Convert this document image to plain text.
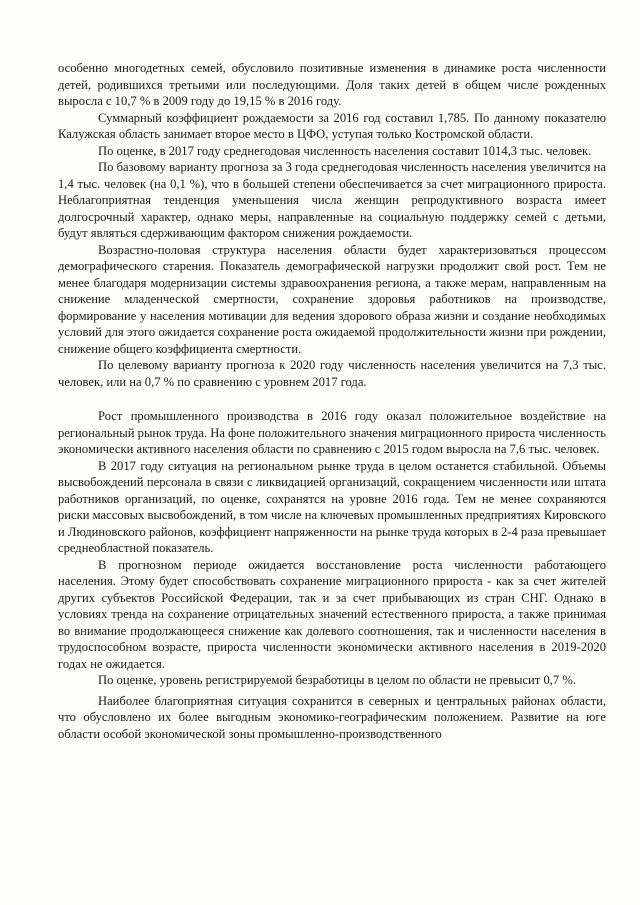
особенно многодетных семей, обусловило позитивные изменения в динамике роста численности детей, родившихся третьими или последующими. Доля таких детей в общем числе рожденных выросла с 10,7 % в 2009 году до 19,15 % в 2016 году.

Суммарный коэффициент рождаемости за 2016 год составил 1,785. По данному показателю Калужская область занимает второе место в ЦФО, уступая только Костромской области.

По оценке, в 2017 году среднегодовая численность населения составит 1014,3 тыс. человек.

По базовому варианту прогноза за 3 года среднегодовая численность населения увеличится на 1,4 тыс. человек (на 0,1 %), что в большей степени обеспечивается за счет миграционного прироста. Неблагоприятная тенденция уменьшения числа женщин репродуктивного возраста имеет долгосрочный характер, однако меры, направленные на социальную поддержку семей с детьми, будут являться сдерживающим фактором снижения рождаемости.

Возрастно-половая структура населения области будет характеризоваться процессом демографического старения. Показатель демографической нагрузки продолжит свой рост. Тем не менее благодаря модернизации системы здравоохранения региона, а также мерам, направленным на снижение младенческой смертности, сохранение здоровья работников на производстве, формирование у населения мотивации для ведения здорового образа жизни и создание необходимых условий для этого ожидается сохранение роста ожидаемой продолжительности жизни при рождении, снижение общего коэффициента смертности.

По целевому варианту прогноза к 2020 году численность населения увеличится на 7,3 тыс. человек, или на 0,7 % по сравнению с уровнем 2017 года.

Рост промышленного производства в 2016 году оказал положительное воздействие на региональный рынок труда. На фоне положительного значения миграционного прироста численность экономически активного населения области по сравнению с 2015 годом выросла на 7,6 тыс. человек.

В 2017 году ситуация на региональном рынке труда в целом останется стабильной. Объемы высвобождений персонала в связи с ликвидацией организаций, сокращением численности или штата работников организаций, по оценке, сохранятся на уровне 2016 года. Тем не менее сохраняются риски массовых высвобождений, в том числе на ключевых промышленных предприятиях Кировского и Людиновского районов, коэффициент напряженности на рынке труда которых в 2-4 раза превышает среднеобластной показатель.

В прогнозном периоде ожидается восстановление роста численности работающего населения. Этому будет способствовать сохранение миграционного прироста - как за счет жителей других субъектов Российской Федерации, так и за счет прибывающих из стран СНГ. Однако в условиях тренда на сохранение отрицательных значений естественного прироста, а также принимая во внимание продолжающееся снижение как долевого соотношения, так и численности населения в трудоспособном возрасте, прироста численности экономически активного населения в 2019-2020 годах не ожидается.

По оценке, уровень регистрируемой безработицы в целом по области не превысит 0,7 %.

Наиболее благоприятная ситуация сохранится в северных и центральных районах области, что обусловлено их более выгодным экономико-географическим положением. Развитие на юге области особой экономической зоны промышленно-производственного
